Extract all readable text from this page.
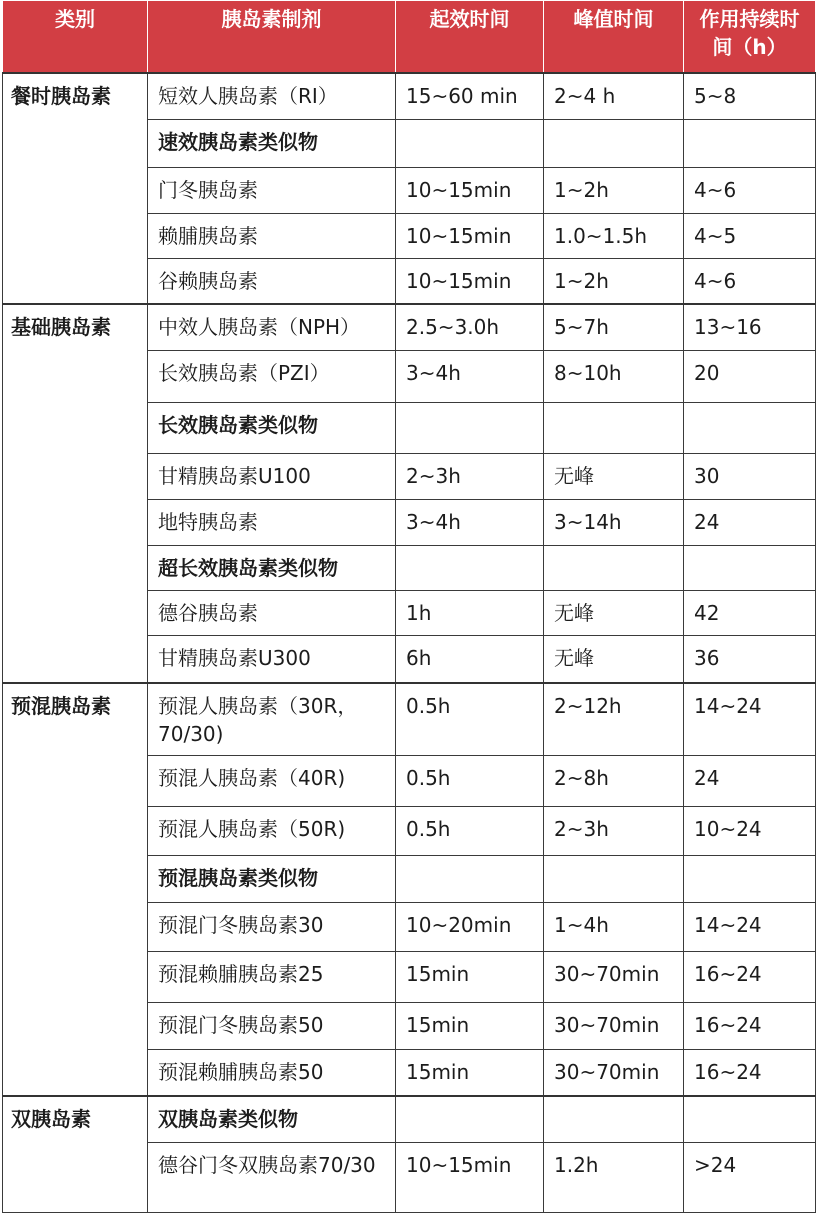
类别	胰岛素制剂	起效时间	峰值时间	作用持续时间（h）
餐时胰岛素	短效人胰岛素（RI）	15~60 min	2~4 h	5~8
	速效胰岛素类似物			
	门冬胰岛素	10~15min	1~2h	4~6
	赖脯胰岛素	10~15min	1.0~1.5h	4~5
	谷赖胰岛素	10~15min	1~2h	4~6
基础胰岛素	中效人胰岛素（NPH）	2.5~3.0h	5~7h	13~16
	长效胰岛素（PZI）	3~4h	8~10h	20
	长效胰岛素类似物			
	甘精胰岛素U100	2~3h	无峰	30
	地特胰岛素	3~4h	3~14h	24
	超长效胰岛素类似物			
	德谷胰岛素	1h	无峰	42
	甘精胰岛素U300	6h	无峰	36
预混胰岛素	预混人胰岛素（30R，70/30)	0.5h	2~12h	14~24
	预混人胰岛素（40R)	0.5h	2~8h	24
	预混人胰岛素（50R)	0.5h	2~3h	10~24
	预混胰岛素类似物			
	预混门冬胰岛素30	10~20min	1~4h	14~24
	预混赖脯胰岛素25	15min	30~70min	16~24
	预混门冬胰岛素50	15min	30~70min	16~24
	预混赖脯胰岛素50	15min	30~70min	16~24
双胰岛素	双胰岛素类似物			
	德谷门冬双胰岛素70/30	10~15min	1.2h	>24
